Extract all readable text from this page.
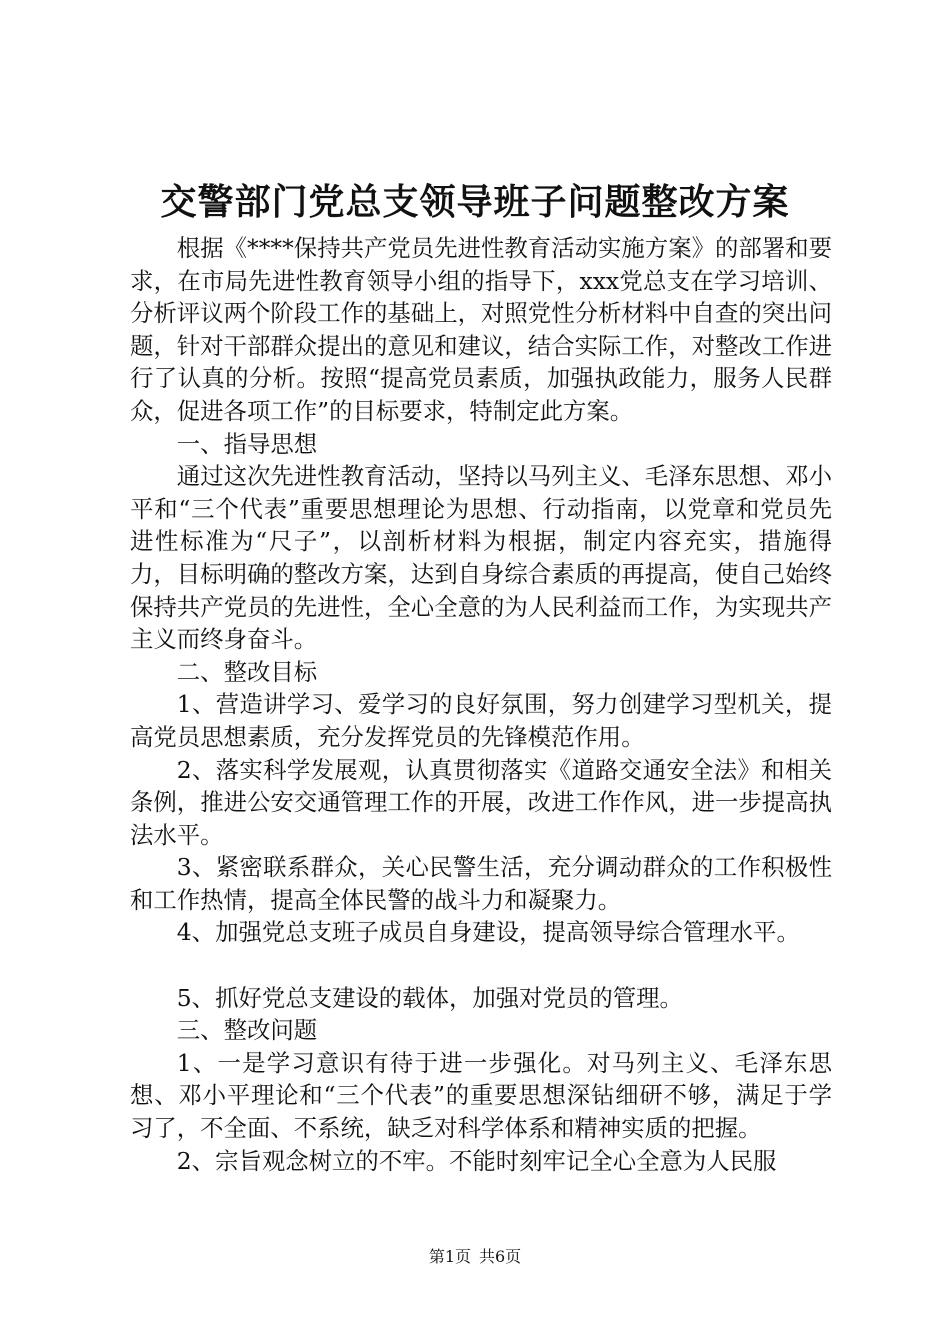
交警部门党总支领导班子问题整改方案

根据《****保持共产党员先进性教育活动实施方案》的部署和要求，在市局先进性教育领导小组的指导下，xxx党总支在学习培训、分析评议两个阶段工作的基础上，对照党性分析材料中自查的突出问题，针对干部群众提出的意见和建议，结合实际工作，对整改工作进行了认真的分析。按照“提高党员素质，加强执政能力，服务人民群众，促进各项工作”的目标要求，特制定此方案。

一、指导思想

通过这次先进性教育活动，坚持以马列主义、毛泽东思想、邓小平和“三个代表”重要思想理论为思想、行动指南，以党章和党员先进性标准为“尺子”，以剖析材料为根据，制定内容充实，措施得力，目标明确的整改方案，达到自身综合素质的再提高，使自己始终保持共产党员的先进性，全心全意的为人民利益而工作，为实现共产主义而终身奋斗。

二、整改目标

1、营造讲学习、爱学习的良好氛围，努力创建学习型机关，提高党员思想素质，充分发挥党员的先锋模范作用。

2、落实科学发展观，认真贯彻落实《道路交通安全法》和相关条例，推进公安交通管理工作的开展，改进工作作风，进一步提高执法水平。

3、紧密联系群众，关心民警生活，充分调动群众的工作积极性和工作热情，提高全体民警的战斗力和凝聚力。

4、加强党总支班子成员自身建设，提高领导综合管理水平。

5、抓好党总支建设的载体，加强对党员的管理。

三、整改问题

1、一是学习意识有待于进一步强化。对马列主义、毛泽东思想、邓小平理论和“三个代表”的重要思想深钻细研不够，满足于学习了，不全面、不系统，缺乏对科学体系和精神实质的把握。

2、宗旨观念树立的不牢。不能时刻牢记全心全意为人民服

第1页 共6页
